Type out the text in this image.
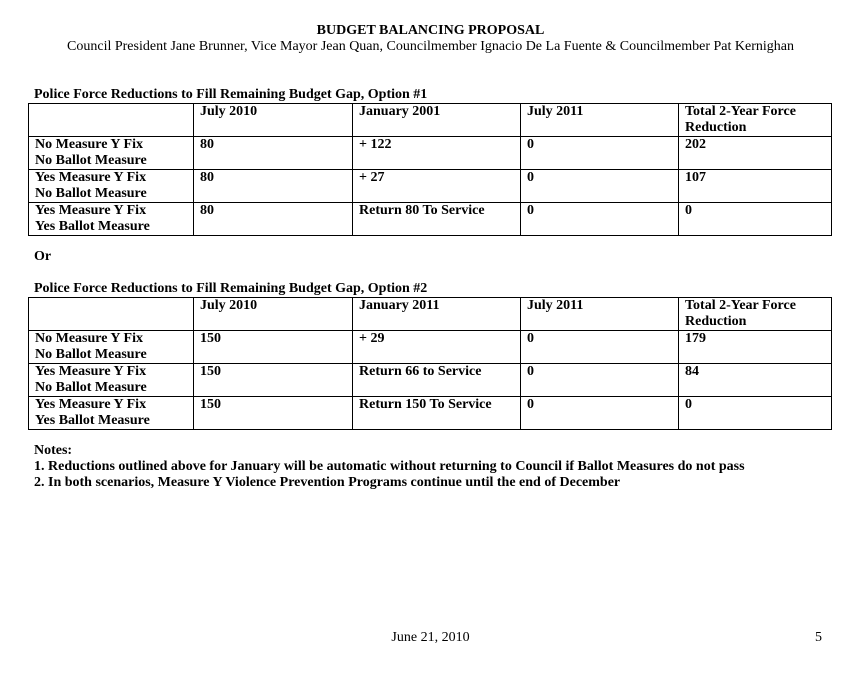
BUDGET BALANCING PROPOSAL
Council President Jane Brunner, Vice Mayor Jean Quan, Councilmember Ignacio De La Fuente & Councilmember Pat Kernighan
Police Force Reductions to Fill Remaining Budget Gap, Option #1

	July 2010	January 2001	July 2011	Total 2-Year Force
Reduction

No Measure Y Fix
No Ballot Measure	80	+ 122	0	202

Yes Measure Y Fix
No Ballot Measure	80	+ 27	0	107

Yes Measure Y Fix
Yes Ballot Measure	80	Return 80 To Service	0	0
Or
Police Force Reductions to Fill Remaining Budget Gap, Option #2

	July 2010	January 2011	July 2011	Total 2-Year Force
Reduction

No Measure Y Fix
No Ballot Measure	150	+ 29	0	179

Yes Measure Y Fix
No Ballot Measure	150	Return 66 to Service	0	84

Yes Measure Y Fix
Yes Ballot Measure	150	Return 150 To Service	0	0
Notes:
1. Reductions outlined above for January will be automatic without returning to Council if Ballot Measures do not pass
2. In both scenarios, Measure Y Violence Prevention Programs continue until the end of December
June 21, 2010	5
